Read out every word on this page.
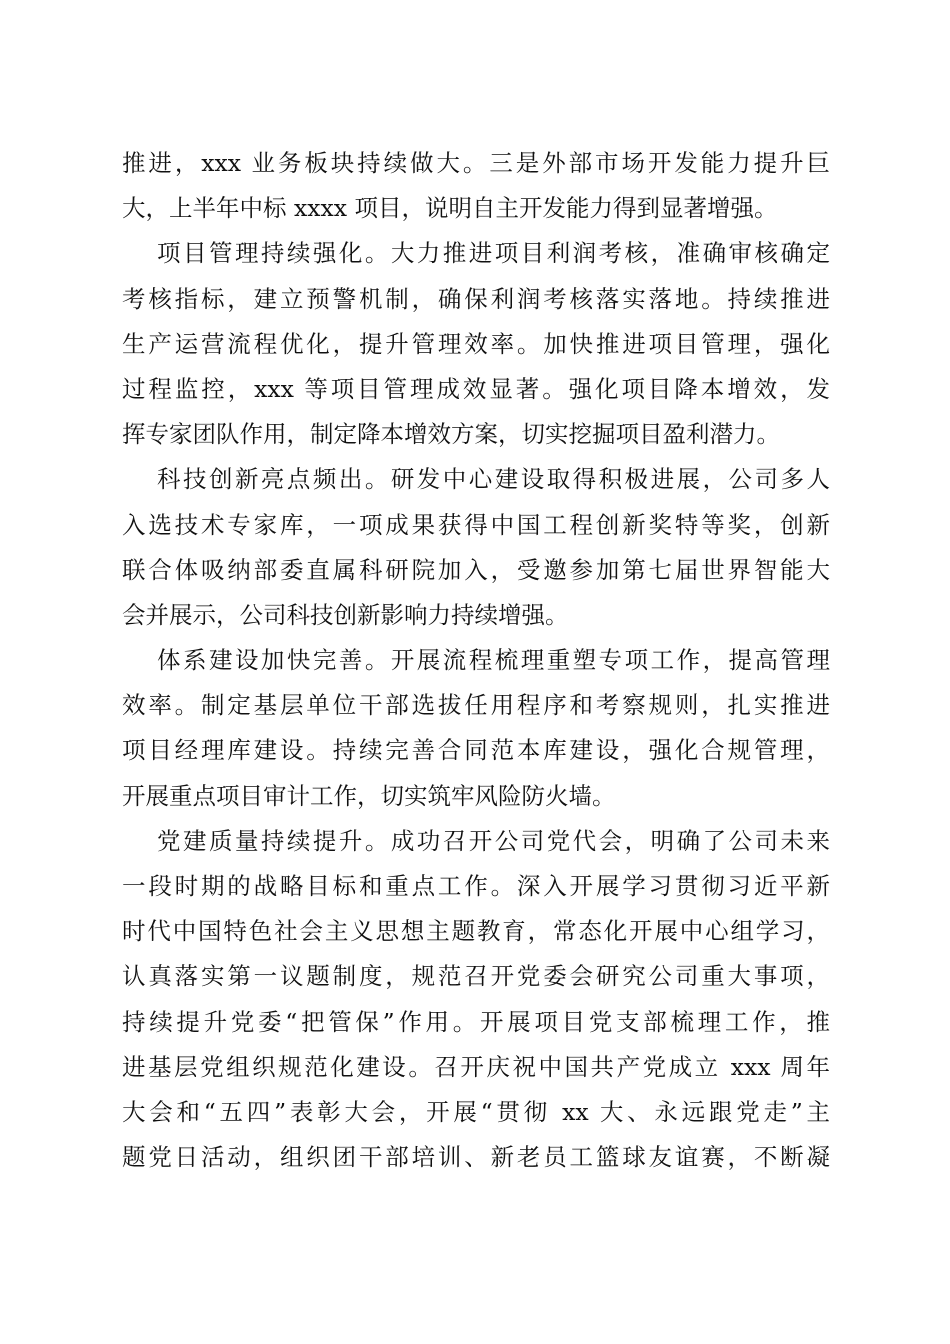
推进，xxx 业务板块持续做大。三是外部市场开发能力提升巨
大，上半年中标 xxxx 项目，说明自主开发能力得到显著增强。
项目管理持续强化。大力推进项目利润考核，准确审核确定
考核指标，建立预警机制，确保利润考核落实落地。持续推进
生产运营流程优化，提升管理效率。加快推进项目管理，强化
过程监控，xxx 等项目管理成效显著。强化项目降本增效，发
挥专家团队作用，制定降本增效方案，切实挖掘项目盈利潜力。
科技创新亮点频出。研发中心建设取得积极进展，公司多人
入选技术专家库，一项成果获得中国工程创新奖特等奖，创新
联合体吸纳部委直属科研院加入，受邀参加第七届世界智能大
会并展示，公司科技创新影响力持续增强。
体系建设加快完善。开展流程梳理重塑专项工作，提高管理
效率。制定基层单位干部选拔任用程序和考察规则，扎实推进
项目经理库建设。持续完善合同范本库建设，强化合规管理，
开展重点项目审计工作，切实筑牢风险防火墙。
党建质量持续提升。成功召开公司党代会，明确了公司未来
一段时期的战略目标和重点工作。深入开展学习贯彻习近平新
时代中国特色社会主义思想主题教育，常态化开展中心组学习，
认真落实第一议题制度，规范召开党委会研究公司重大事项，
持续提升党委“把管保”作用。开展项目党支部梳理工作，推
进基层党组织规范化建设。召开庆祝中国共产党成立 xxx 周年
大会和“五四”表彰大会，开展“贯彻 xx 大、永远跟党走”主
题党日活动，组织团干部培训、新老员工篮球友谊赛，不断凝
